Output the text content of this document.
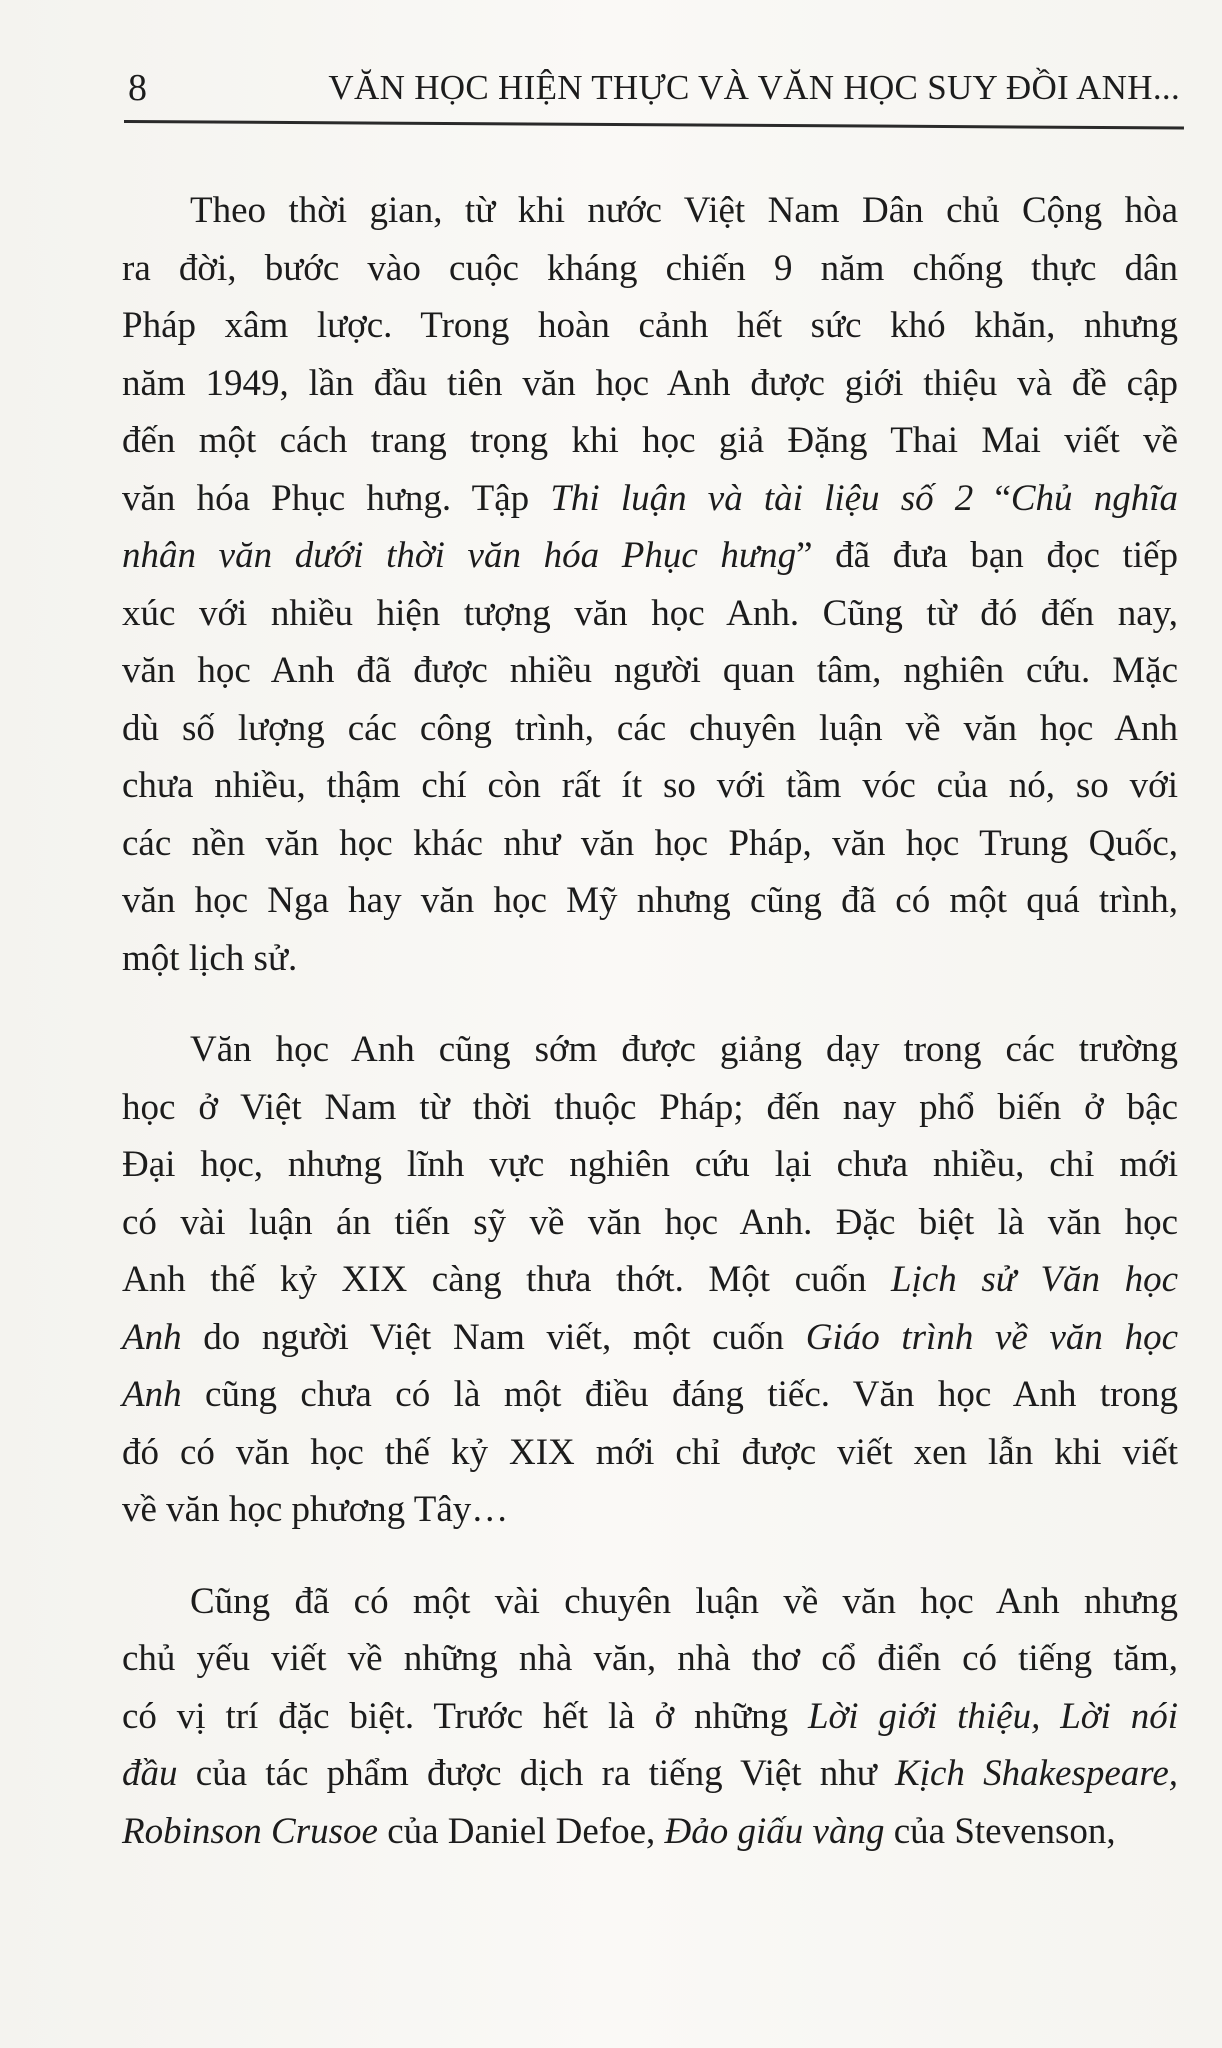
8	VĂN HỌC HIỆN THỰC VÀ VĂN HỌC SUY ĐỒI ANH...
Theo thời gian, từ khi nước Việt Nam Dân chủ Cộng hòa
ra đời, bước vào cuộc kháng chiến 9 năm chống thực dân
Pháp xâm lược. Trong hoàn cảnh hết sức khó khăn, nhưng
năm 1949, lần đầu tiên văn học Anh được giới thiệu và đề cập
đến một cách trang trọng khi học giả Đặng Thai Mai viết về
văn hóa Phục hưng. Tập Thi luận và tài liệu số 2 “Chủ nghĩa
nhân văn dưới thời văn hóa Phục hưng” đã đưa bạn đọc tiếp
xúc với nhiều hiện tượng văn học Anh. Cũng từ đó đến nay,
văn học Anh đã được nhiều người quan tâm, nghiên cứu. Mặc
dù số lượng các công trình, các chuyên luận về văn học Anh
chưa nhiều, thậm chí còn rất ít so với tầm vóc của nó, so với
các nền văn học khác như văn học Pháp, văn học Trung Quốc,
văn học Nga hay văn học Mỹ nhưng cũng đã có một quá trình,
một lịch sử.
Văn học Anh cũng sớm được giảng dạy trong các trường
học ở Việt Nam từ thời thuộc Pháp; đến nay phổ biến ở bậc
Đại học, nhưng lĩnh vực nghiên cứu lại chưa nhiều, chỉ mới
có vài luận án tiến sỹ về văn học Anh. Đặc biệt là văn học
Anh thế kỷ XIX càng thưa thớt. Một cuốn Lịch sử Văn học
Anh do người Việt Nam viết, một cuốn Giáo trình về văn học
Anh cũng chưa có là một điều đáng tiếc. Văn học Anh trong
đó có văn học thế kỷ XIX mới chỉ được viết xen lẫn khi viết
về văn học phương Tây…
Cũng đã có một vài chuyên luận về văn học Anh nhưng
chủ yếu viết về những nhà văn, nhà thơ cổ điển có tiếng tăm,
có vị trí đặc biệt. Trước hết là ở những Lời giới thiệu, Lời nói
đầu của tác phẩm được dịch ra tiếng Việt như Kịch Shakespeare,
Robinson Crusoe của Daniel Defoe, Đảo giấu vàng của Stevenson,
